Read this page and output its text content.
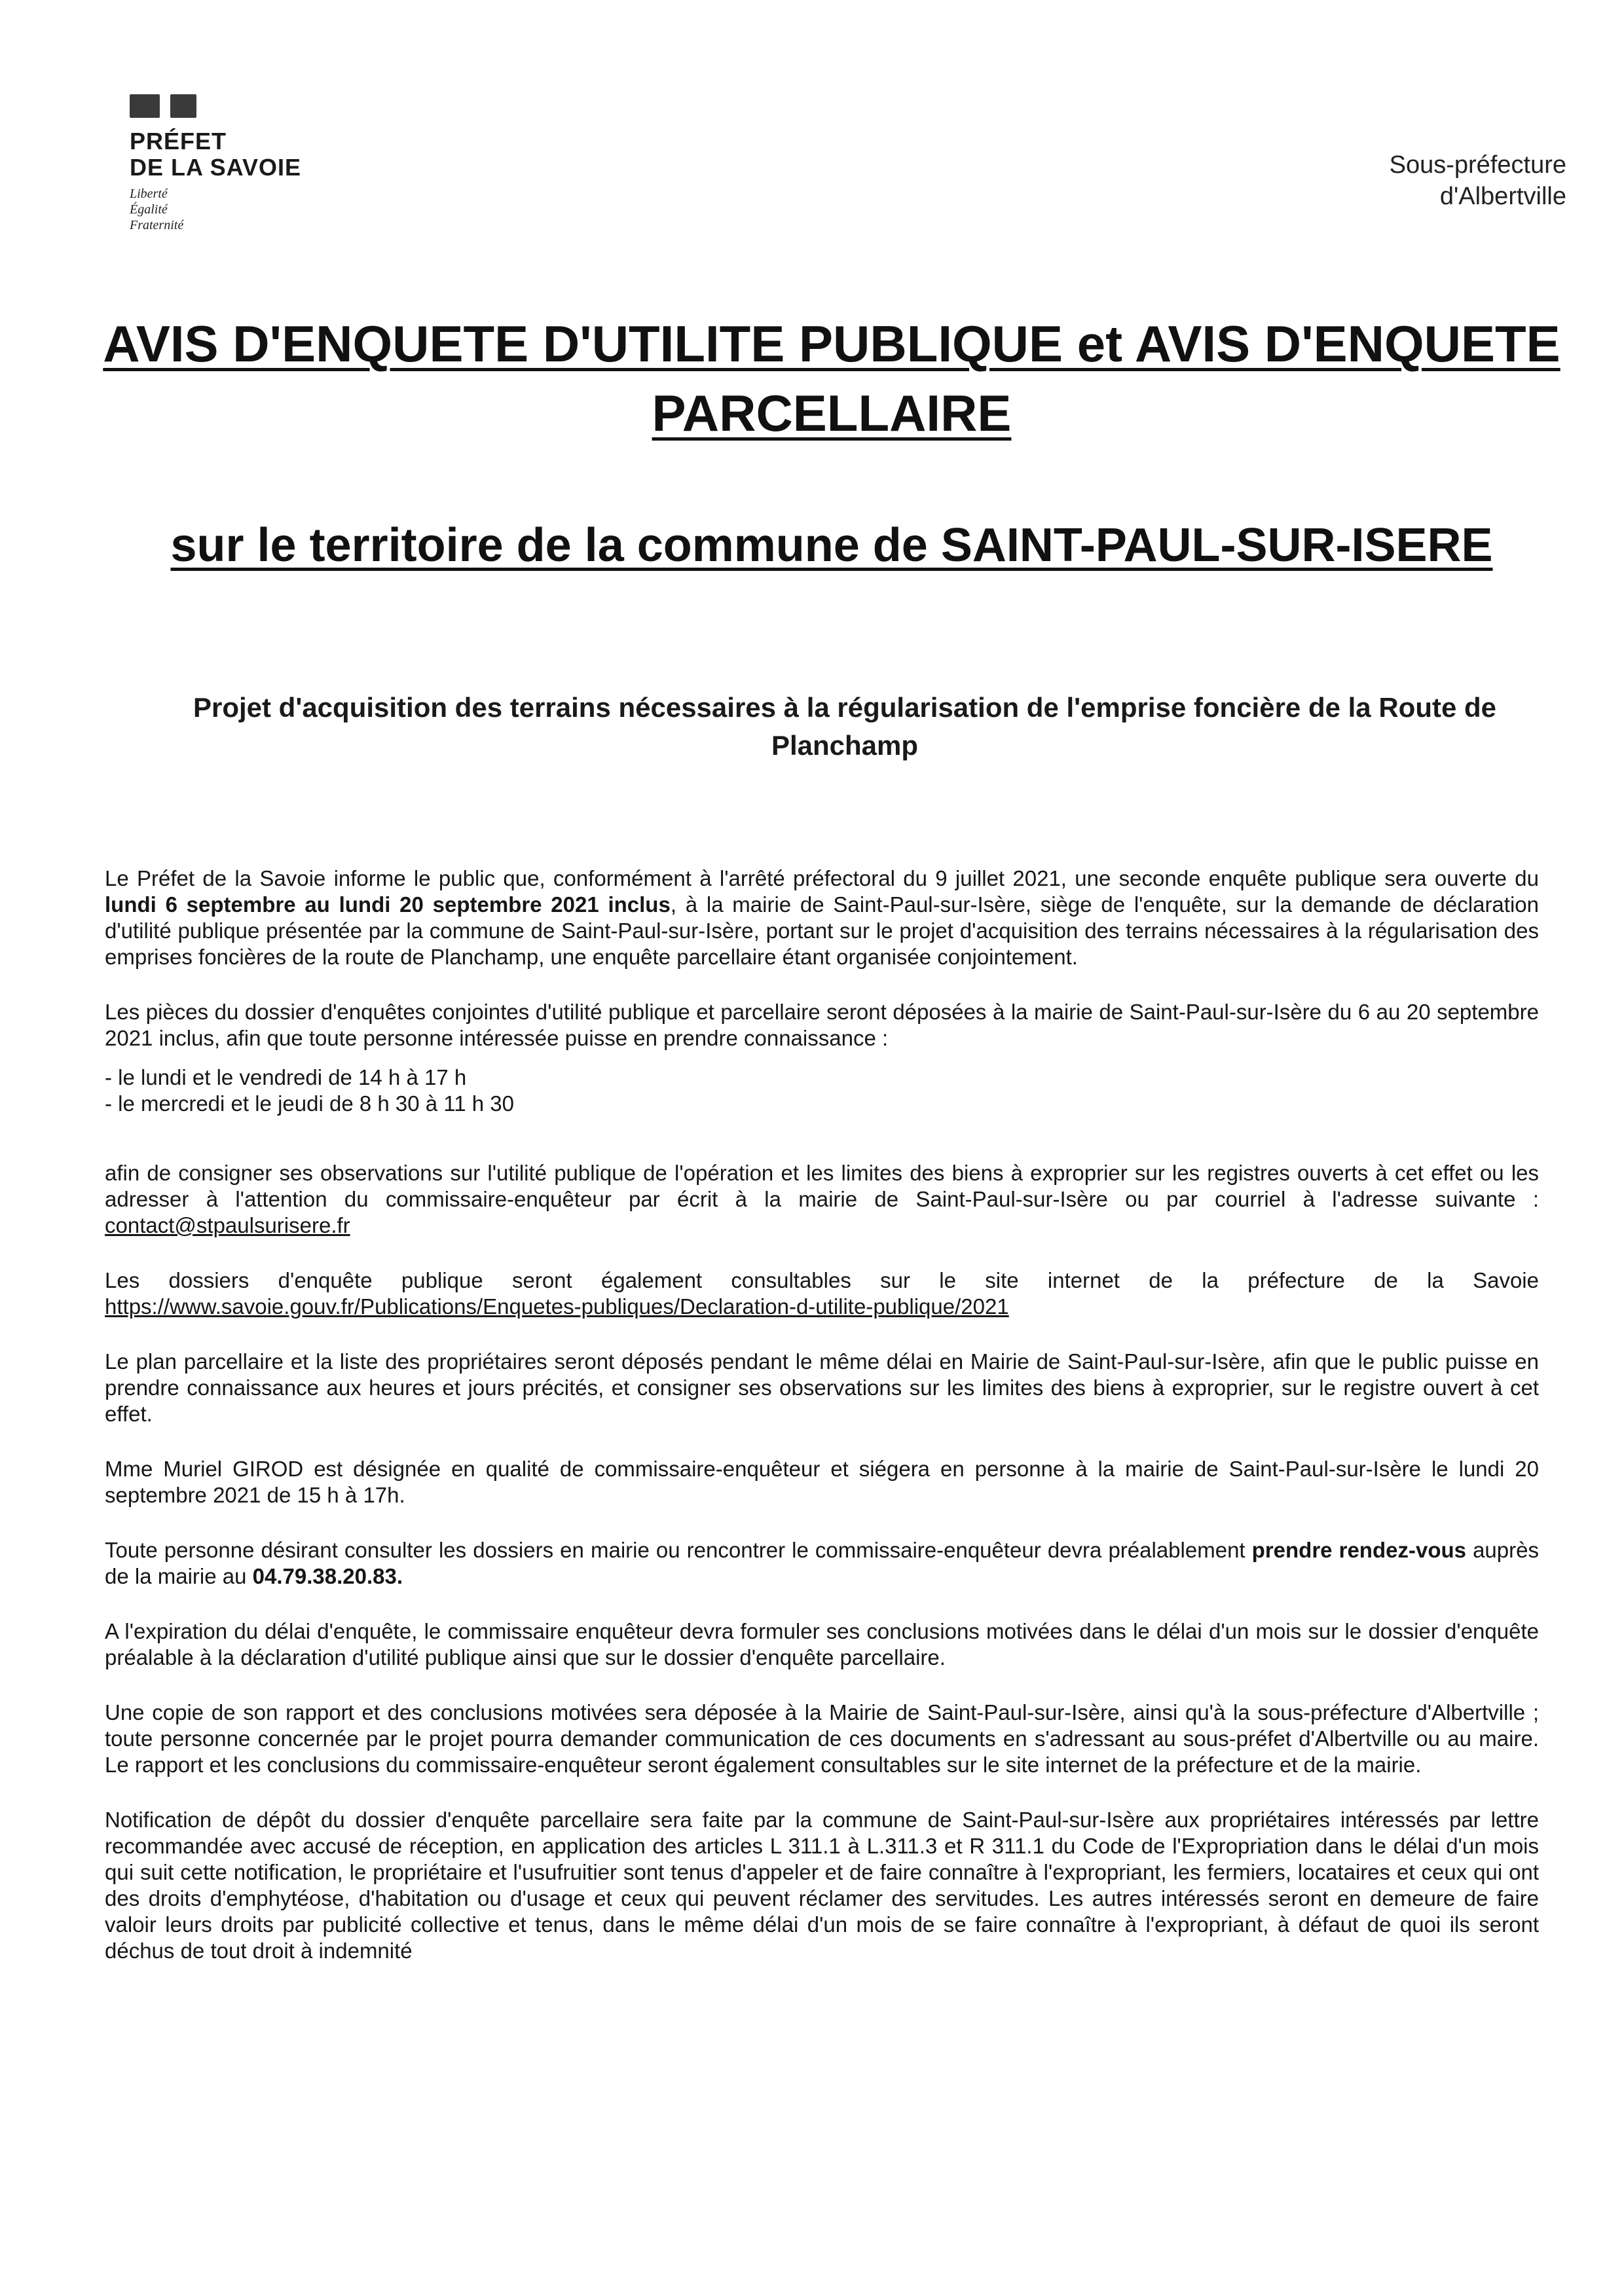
PRÉFET
DE LA SAVOIE
Liberté
Égalité
Fraternité
Sous-préfecture
d'Albertville
AVIS D'ENQUETE D'UTILITE PUBLIQUE et AVIS D'ENQUETE PARCELLAIRE
sur le territoire de la commune de SAINT-PAUL-SUR-ISERE
Projet d'acquisition des terrains nécessaires à la régularisation de l'emprise foncière de la Route de Planchamp

Le Préfet de la Savoie informe le public que, conformément à l'arrêté préfectoral du 9 juillet 2021, une seconde enquête publique sera ouverte du lundi 6 septembre au lundi 20 septembre 2021 inclus, à la mairie de Saint-Paul-sur-Isère, siège de l'enquête, sur la demande de déclaration d'utilité publique présentée par la commune de Saint-Paul-sur-Isère, portant sur le projet d'acquisition des terrains nécessaires à la régularisation des emprises foncières de la route de Planchamp, une enquête parcellaire étant organisée conjointement.

Les pièces du dossier d'enquêtes conjointes d'utilité publique et parcellaire seront déposées à la mairie de Saint-Paul-sur-Isère du 6 au 20 septembre 2021 inclus, afin que toute personne intéressée puisse en prendre connaissance :

- le lundi et le vendredi de 14 h à 17 h
- le mercredi et le jeudi de 8 h 30 à 11 h 30

afin de consigner ses observations sur l'utilité publique de l'opération et les limites des biens à exproprier sur les registres ouverts à cet effet ou les adresser à l'attention du commissaire-enquêteur par écrit à la mairie de Saint-Paul-sur-Isère ou par courriel à l'adresse suivante : contact@stpaulsurisere.fr

Les dossiers d'enquête publique seront également consultables sur le site internet de la préfecture de la Savoie https://www.savoie.gouv.fr/Publications/Enquetes-publiques/Declaration-d-utilite-publique/2021

Le plan parcellaire et la liste des propriétaires seront déposés pendant le même délai en Mairie de Saint-Paul-sur-Isère, afin que le public puisse en prendre connaissance aux heures et jours précités, et consigner ses observations sur les limites des biens à exproprier, sur le registre ouvert à cet effet.

Mme Muriel GIROD est désignée en qualité de commissaire-enquêteur et siégera en personne à la mairie de Saint-Paul-sur-Isère le lundi 20 septembre 2021 de 15 h à 17h.

Toute personne désirant consulter les dossiers en mairie ou rencontrer le commissaire-enquêteur devra préalablement prendre rendez-vous auprès de la mairie au 04.79.38.20.83.

A l'expiration du délai d'enquête, le commissaire enquêteur devra formuler ses conclusions motivées dans le délai d'un mois sur le dossier d'enquête préalable à la déclaration d'utilité publique ainsi que sur le dossier d'enquête parcellaire.

Une copie de son rapport et des conclusions motivées sera déposée à la Mairie de Saint-Paul-sur-Isère, ainsi qu'à la sous-préfecture d'Albertville ; toute personne concernée par le projet pourra demander communication de ces documents en s'adressant au sous-préfet d'Albertville ou au maire. Le rapport et les conclusions du commissaire-enquêteur seront également consultables sur le site internet de la préfecture et de la mairie.

Notification de dépôt du dossier d'enquête parcellaire sera faite par la commune de Saint-Paul-sur-Isère aux propriétaires intéressés par lettre recommandée avec accusé de réception, en application des articles L 311.1 à L.311.3 et R 311.1 du Code de l'Expropriation dans le délai d'un mois qui suit cette notification, le propriétaire et l'usufruitier sont tenus d'appeler et de faire connaître à l'expropriant, les fermiers, locataires et ceux qui ont des droits d'emphytéose, d'habitation ou d'usage et ceux qui peuvent réclamer des servitudes. Les autres intéressés seront en demeure de faire valoir leurs droits par publicité collective et tenus, dans le même délai d'un mois de se faire connaître à l'expropriant, à défaut de quoi ils seront déchus de tout droit à indemnité
